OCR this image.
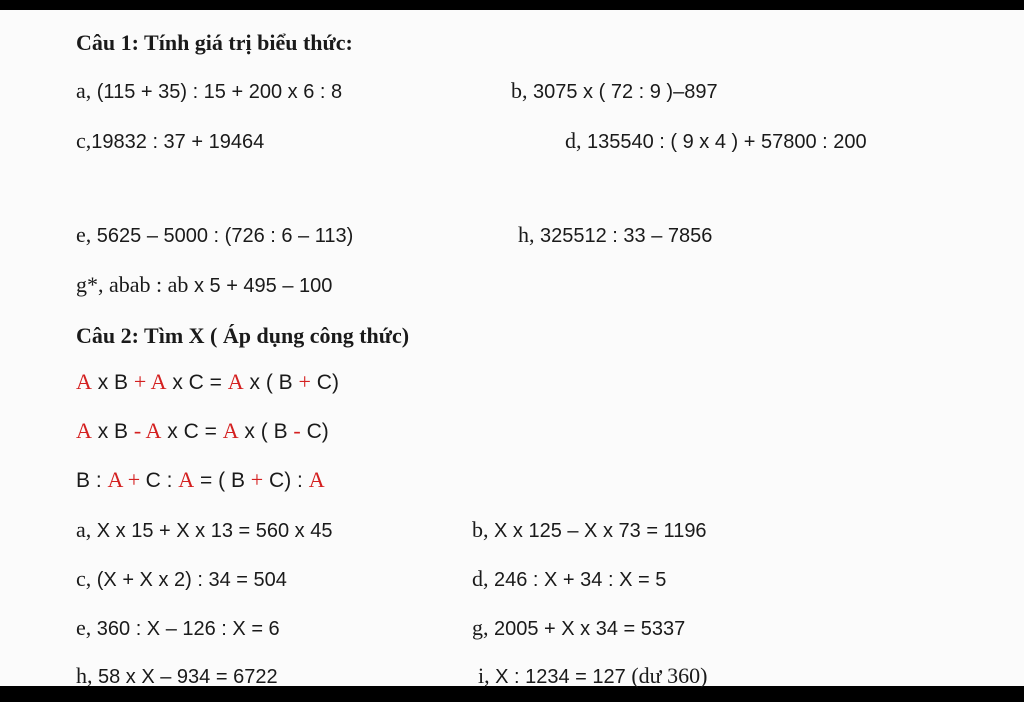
Câu 1: Tính giá trị biểu thức:
a, (115 + 35) : 15 + 200 x 6 : 8	b, 3075 x ( 72 : 9 )–897
c,19832 : 37 + 19464	d, 135540 : ( 9 x 4 ) + 57800 : 200
e, 5625 – 5000 : (726 : 6 – 113)	h, 325512 : 33 – 7856
g*, abab : ab x 5 + 495 – 100
Câu 2: Tìm X ( Áp dụng công thức)
A x B + A x C = A x ( B + C)
A x B - A x C = A x ( B - C)
B : A + C : A = ( B + C) : A
a, X x 15 + X x 13 = 560 x 45	b, X x 125 – X x 73 = 1196
c, (X + X x 2) : 34 = 504	d, 246 : X + 34 : X = 5
e, 360 : X – 126 : X = 6	g, 2005 + X x 34 = 5337
h, 58 x X – 934 = 6722	i, X : 1234 = 127 (dư 360)
